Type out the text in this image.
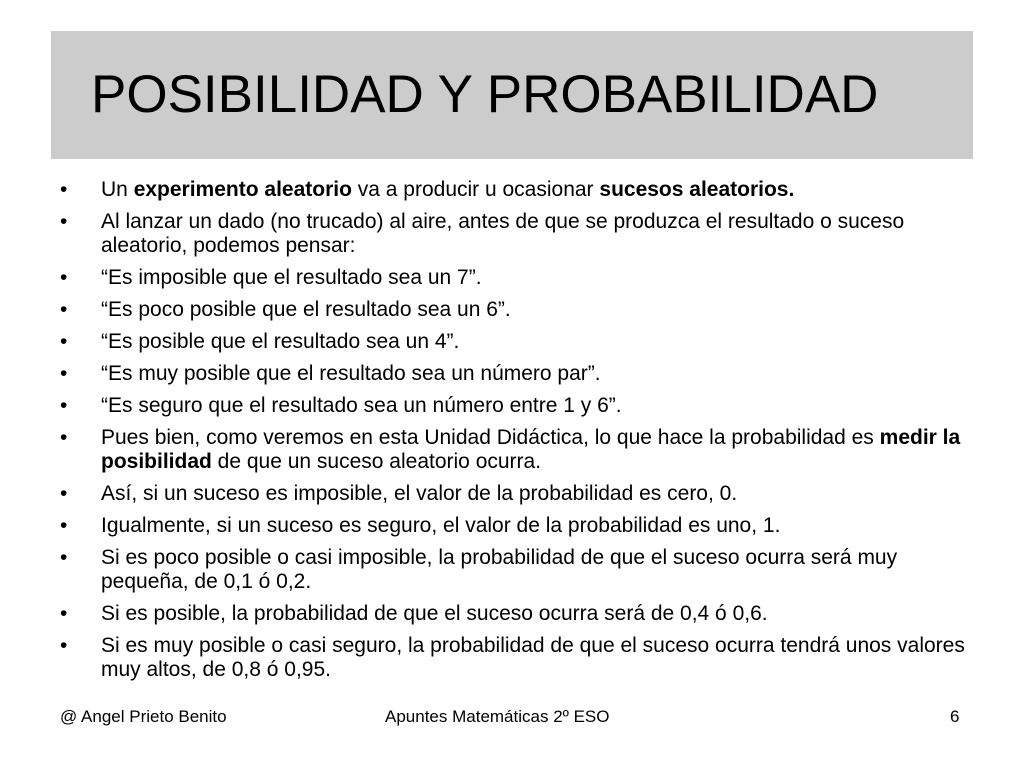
POSIBILIDAD Y PROBABILIDAD
• Un experimento aleatorio va a producir u ocasionar sucesos aleatorios.
• Al lanzar un dado (no trucado) al aire, antes de que se produzca el resultado o suceso aleatorio, podemos pensar:
• “Es imposible que el resultado sea un 7”.
• “Es poco posible que el resultado sea un 6”.
• “Es posible que el resultado sea un 4”.
• “Es muy posible que el resultado sea un número par”.
• “Es seguro que el resultado sea un número entre 1 y 6”.
• Pues bien, como veremos en esta Unidad Didáctica, lo que hace la probabilidad es medir la posibilidad de que un suceso aleatorio ocurra.
• Así, si un suceso es imposible, el valor de la probabilidad es cero, 0.
• Igualmente, si un suceso es seguro, el valor de la probabilidad es uno, 1.
• Si es poco posible o casi imposible, la probabilidad de que el suceso ocurra será muy pequeña, de 0,1 ó 0,2.
• Si es posible, la probabilidad de que el suceso ocurra será de 0,4 ó 0,6.
• Si es muy posible o casi seguro, la probabilidad de que el suceso ocurra tendrá unos valores muy altos, de 0,8 ó 0,95.
@ Angel Prieto Benito	Apuntes Matemáticas 2º ESO	6
